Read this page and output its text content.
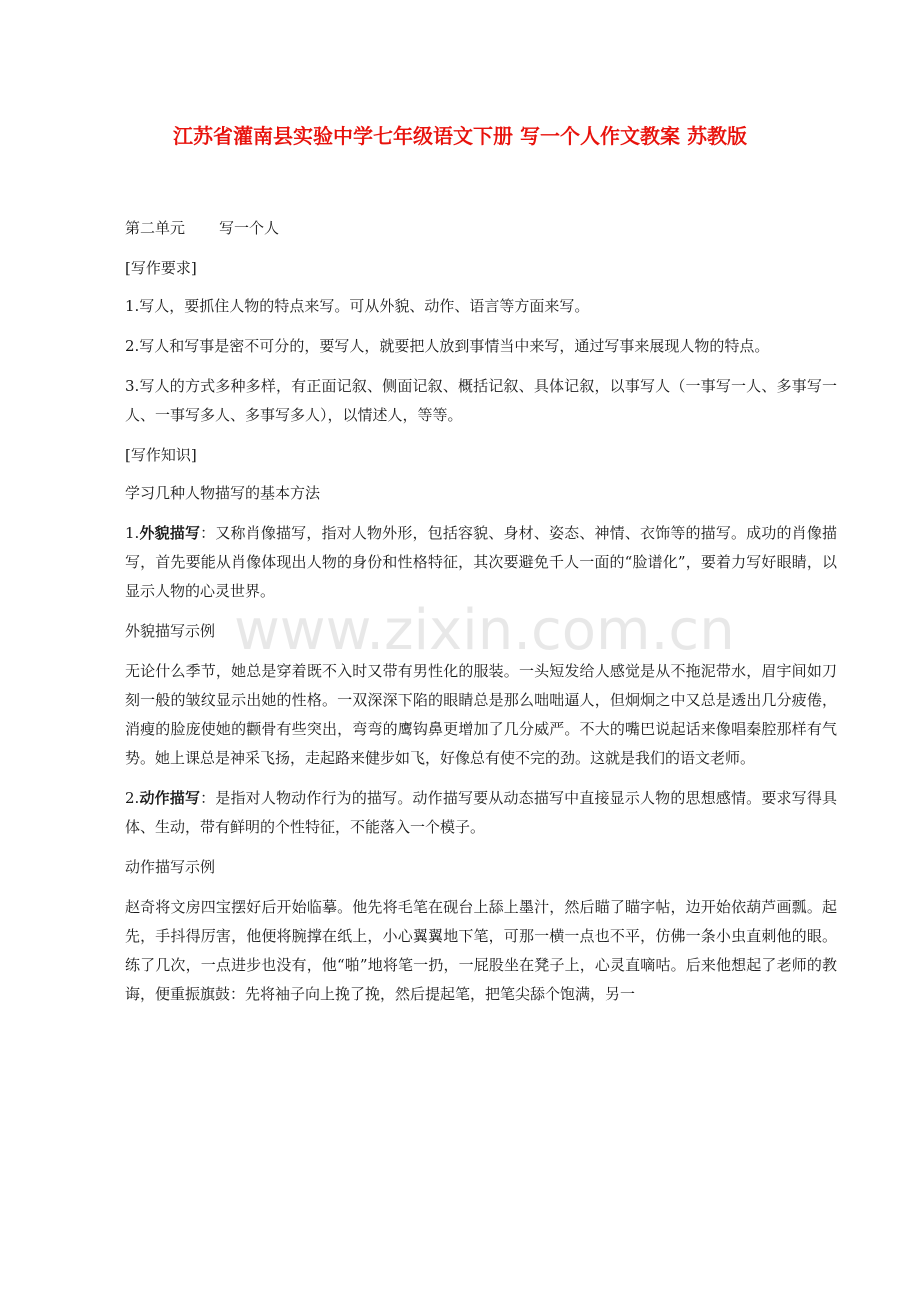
江苏省灌南县实验中学七年级语文下册 写一个人作文教案 苏教版
www.zixin.com.cn

第二单元 写一个人

[写作要求]

1.写人，要抓住人物的特点来写。可从外貌、动作、语言等方面来写。

2.写人和写事是密不可分的，要写人，就要把人放到事情当中来写，通过写事来展现人物的特点。

3.写人的方式多种多样，有正面记叙、侧面记叙、概括记叙、具体记叙，以事写人（一事写一人、多事写一人、一事写多人、多事写多人），以情述人，等等。

[写作知识]

学习几种人物描写的基本方法

1.外貌描写：又称肖像描写，指对人物外形，包括容貌、身材、姿态、神情、衣饰等的描写。成功的肖像描写，首先要能从肖像体现出人物的身份和性格特征，其次要避免千人一面的“脸谱化”，要着力写好眼睛，以显示人物的心灵世界。

外貌描写示例

无论什么季节，她总是穿着既不入时又带有男性化的服装。一头短发给人感觉是从不拖泥带水，眉宇间如刀刻一般的皱纹显示出她的性格。一双深深下陷的眼睛总是那么咄咄逼人，但炯炯之中又总是透出几分疲倦，消瘦的脸庞使她的颧骨有些突出，弯弯的鹰钩鼻更增加了几分威严。不大的嘴巴说起话来像唱秦腔那样有气势。她上课总是神采飞扬，走起路来健步如飞，好像总有使不完的劲。这就是我们的语文老师。

2.动作描写：是指对人物动作行为的描写。动作描写要从动态描写中直接显示人物的思想感情。要求写得具体、生动，带有鲜明的个性特征，不能落入一个模子。

动作描写示例

赵奇将文房四宝摆好后开始临摹。他先将毛笔在砚台上舔上墨汁，然后瞄了瞄字帖，边开始依葫芦画瓢。起先，手抖得厉害，他便将腕撑在纸上，小心翼翼地下笔，可那一横一点也不平，仿佛一条小虫直刺他的眼。练了几次，一点进步也没有，他“啪”地将笔一扔，一屁股坐在凳子上，心灵直嘀咕。后来他想起了老师的教诲，便重振旗鼓：先将袖子向上挽了挽，然后提起笔，把笔尖舔个饱满，另一
